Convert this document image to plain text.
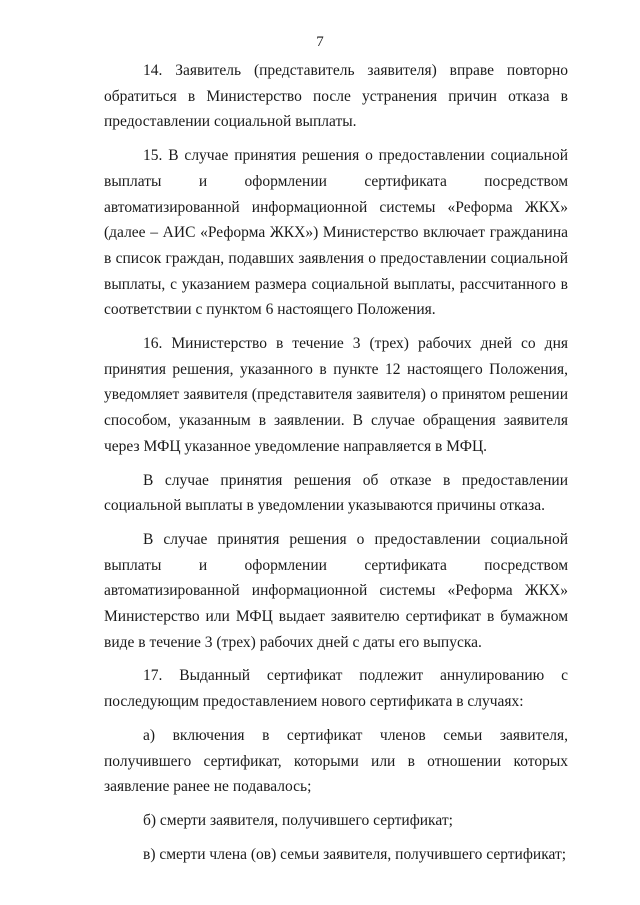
7

14. Заявитель (представитель заявителя) вправе повторно обратиться в Министерство после устранения причин отказа в предоставлении социальной выплаты.

15. В случае принятия решения о предоставлении социальной выплаты и оформлении сертификата посредством автоматизированной информационной системы «Реформа ЖКХ» (далее – АИС «Реформа ЖКХ») Министерство включает гражданина в список граждан, подавших заявления о предоставлении социальной выплаты, с указанием размера социальной выплаты, рассчитанного в соответствии с пунктом 6 настоящего Положения.

16. Министерство в течение 3 (трех) рабочих дней со дня принятия решения, указанного в пункте 12 настоящего Положения, уведомляет заявителя (представителя заявителя) о принятом решении способом, указанным в заявлении. В случае обращения заявителя через МФЦ указанное уведомление направляется в МФЦ.

В случае принятия решения об отказе в предоставлении социальной выплаты в уведомлении указываются причины отказа.

В случае принятия решения о предоставлении социальной выплаты и оформлении сертификата посредством автоматизированной информационной системы «Реформа ЖКХ» Министерство или МФЦ выдает заявителю сертификат в бумажном виде в течение 3 (трех) рабочих дней с даты его выпуска.

17. Выданный сертификат подлежит аннулированию с последующим предоставлением нового сертификата в случаях:

а) включения в сертификат членов семьи заявителя, получившего сертификат, которыми или в отношении которых заявление ранее не подавалось;

б) смерти заявителя, получившего сертификат;

в) смерти члена (ов) семьи заявителя, получившего сертификат;
